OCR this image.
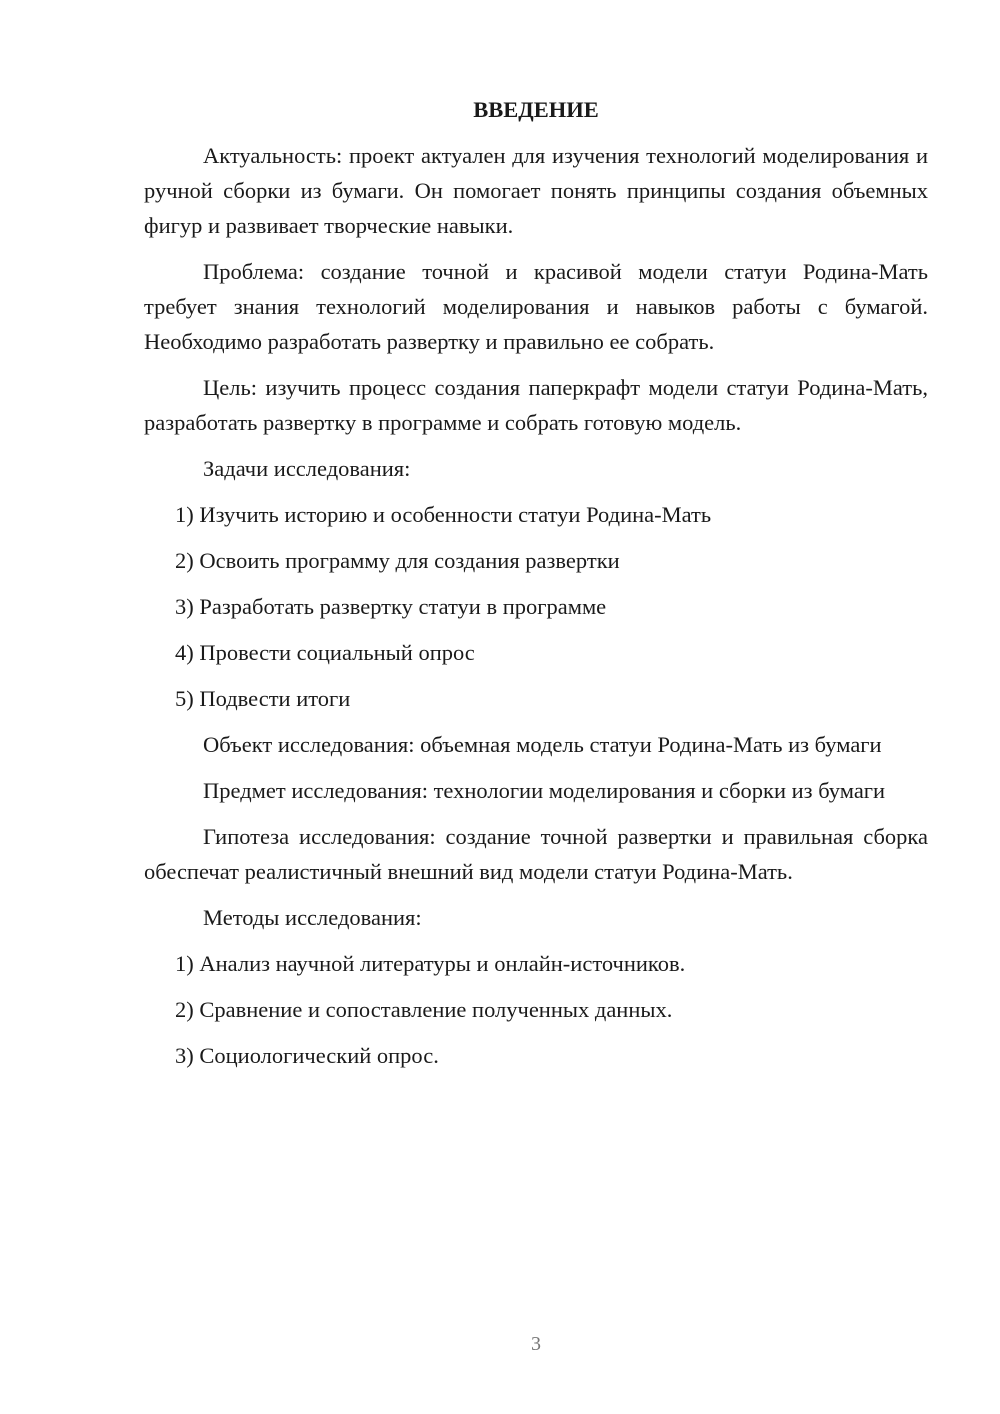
ВВЕДЕНИЕ

Актуальность: проект актуален для изучения технологий моделирования и ручной сборки из бумаги. Он помогает понять принципы создания объемных фигур и развивает творческие навыки.

Проблема: создание точной и красивой модели статуи Родина-Мать требует знания технологий моделирования и навыков работы с бумагой. Необходимо разработать развертку и правильно ее собрать.

Цель: изучить процесс создания паперкрафт модели статуи Родина-Мать, разработать развертку в программе и собрать готовую модель.

Задачи исследования:
1) Изучить историю и особенности статуи Родина-Мать
2) Освоить программу для создания развертки
3) Разработать развертку статуи в программе
4) Провести социальный опрос
5) Подвести итоги

Объект исследования: объемная модель статуи Родина-Мать из бумаги

Предмет исследования: технологии моделирования и сборки из бумаги

Гипотеза исследования: создание точной развертки и правильная сборка обеспечат реалистичный внешний вид модели статуи Родина-Мать.

Методы исследования:
1) Анализ научной литературы и онлайн-источников.
2) Сравнение и сопоставление полученных данных.
3) Социологический опрос.
3
